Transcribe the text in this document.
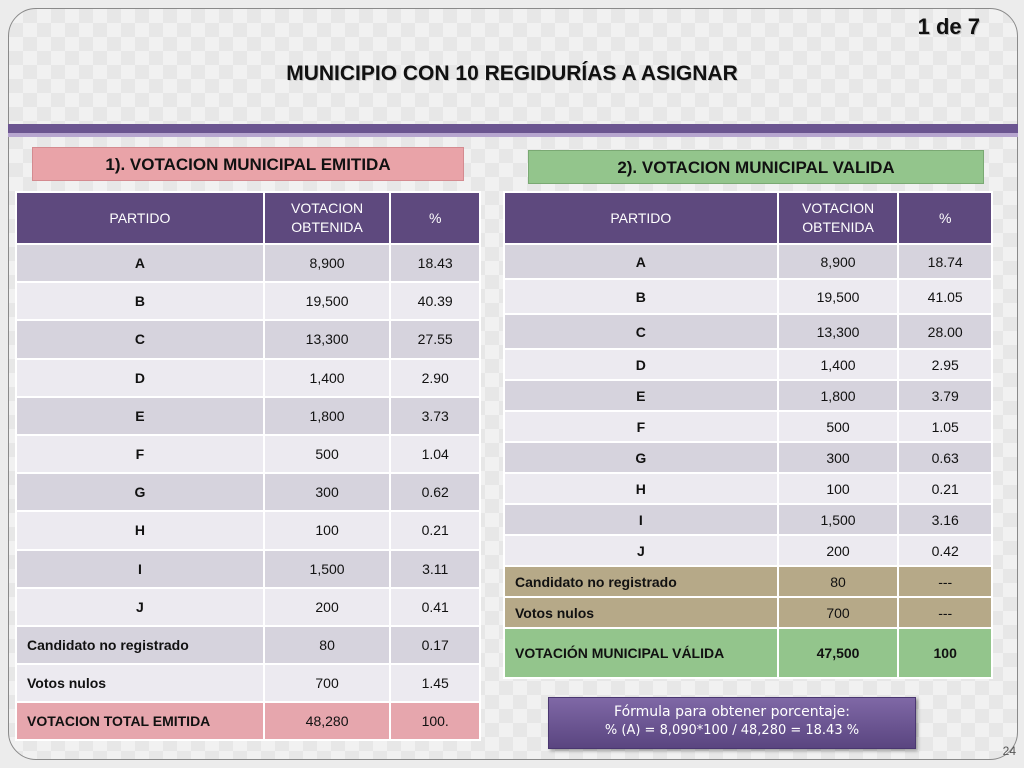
1 de 7
MUNICIPIO CON 10 REGIDURÍAS A ASIGNAR
1). VOTACION MUNICIPAL EMITIDA	2). VOTACION MUNICIPAL VALIDA
PARTIDO	VOTACION OBTENIDA	%
A	8,900	18.43
B	19,500	40.39
C	13,300	27.55
D	1,400	2.90
E	1,800	3.73
F	500	1.04
G	300	0.62
H	100	0.21
I	1,500	3.11
J	200	0.41
Candidato no registrado	80	0.17
Votos nulos	700	1.45
VOTACION TOTAL EMITIDA	48,280	100.
PARTIDO	VOTACION OBTENIDA	%
A	8,900	18.74
B	19,500	41.05
C	13,300	28.00
D	1,400	2.95
E	1,800	3.79
F	500	1.05
G	300	0.63
H	100	0.21
I	1,500	3.16
J	200	0.42
Candidato no registrado	80	---
Votos nulos	700	---
VOTACIÓN MUNICIPAL VÁLIDA	47,500	100
Fórmula para obtener porcentaje:
% (A) = 8,090*100 / 48,280 = 18.43 %
24
